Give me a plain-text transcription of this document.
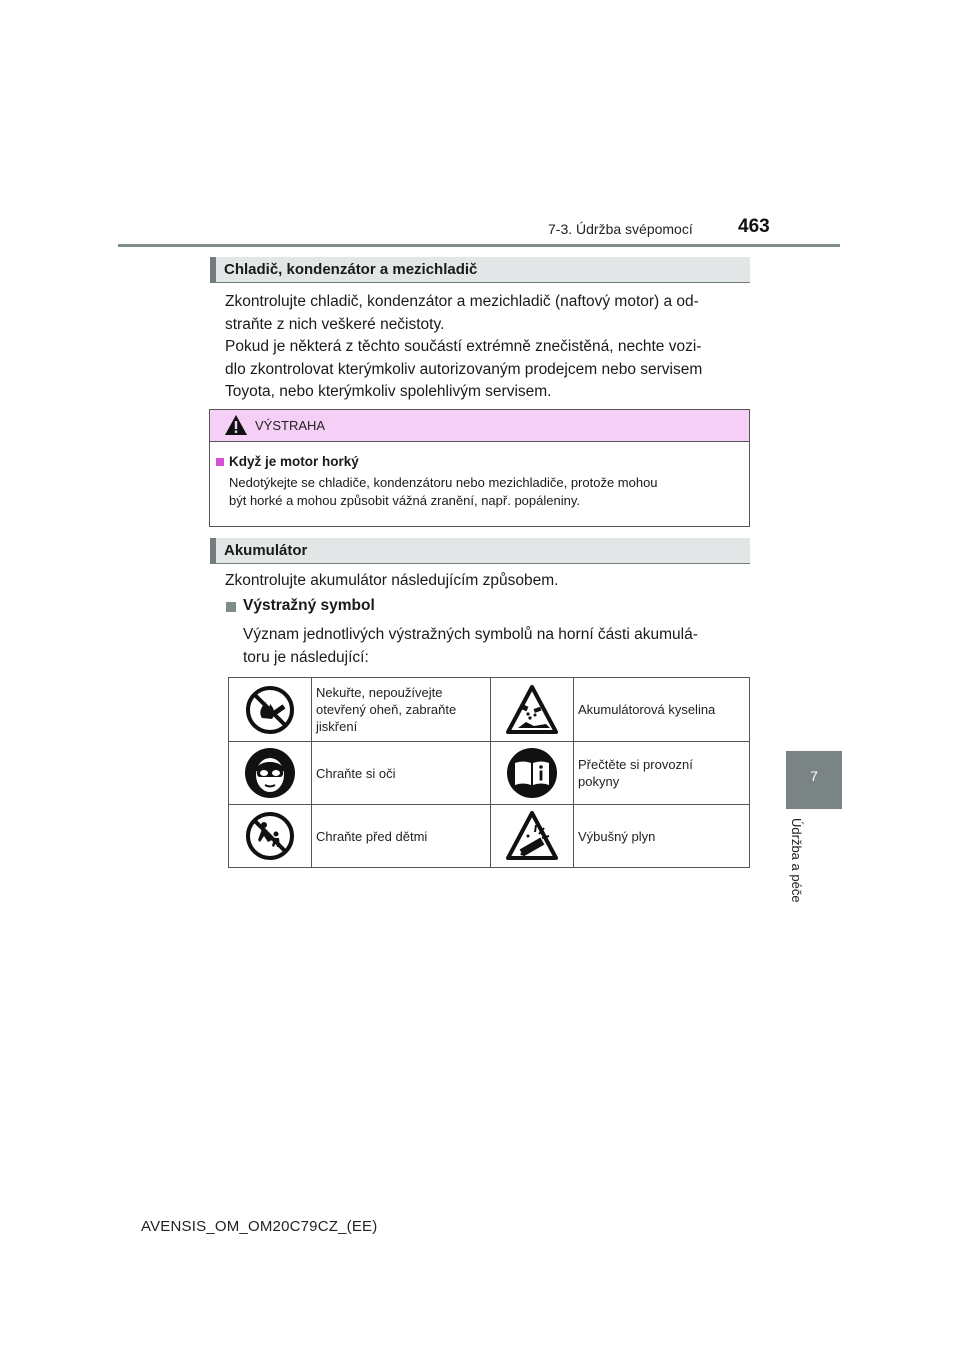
7-3. Údržba svépomocí 463
7
Údržba a péče
Chladič, kondenzátor a mezichladič
Zkontrolujte chladič, kondenzátor a mezichladič (naftový motor) a od-
straňte z nich veškeré nečistoty.
Pokud je některá z těchto součástí extrémně znečistěná, nechte vozi-
dlo zkontrolovat kterýmkoliv autorizovaným prodejcem nebo servisem
Toyota, nebo kterýmkoliv spolehlivým servisem.
VÝSTRAHA
Když je motor horký
Nedotýkejte se chladiče, kondenzátoru nebo mezichladiče, protože mohou
být horké a mohou způsobit vážná zranění, např. popáleniny.
Akumulátor
Zkontrolujte akumulátor následujícím způsobem.
Výstražný symbol
Význam jednotlivých výstražných symbolů na horní části akumulá-
toru je následující:

Nekuřte, nepoužívejte
otevřený oheň, zabraňte
jiskření		Akumulátorová kyselina

Chraňte si oči		Přečtěte si provozní
pokyny

Chraňte před dětmi		Výbušný plyn
AVENSIS_OM_OM20C79CZ_(EE)
